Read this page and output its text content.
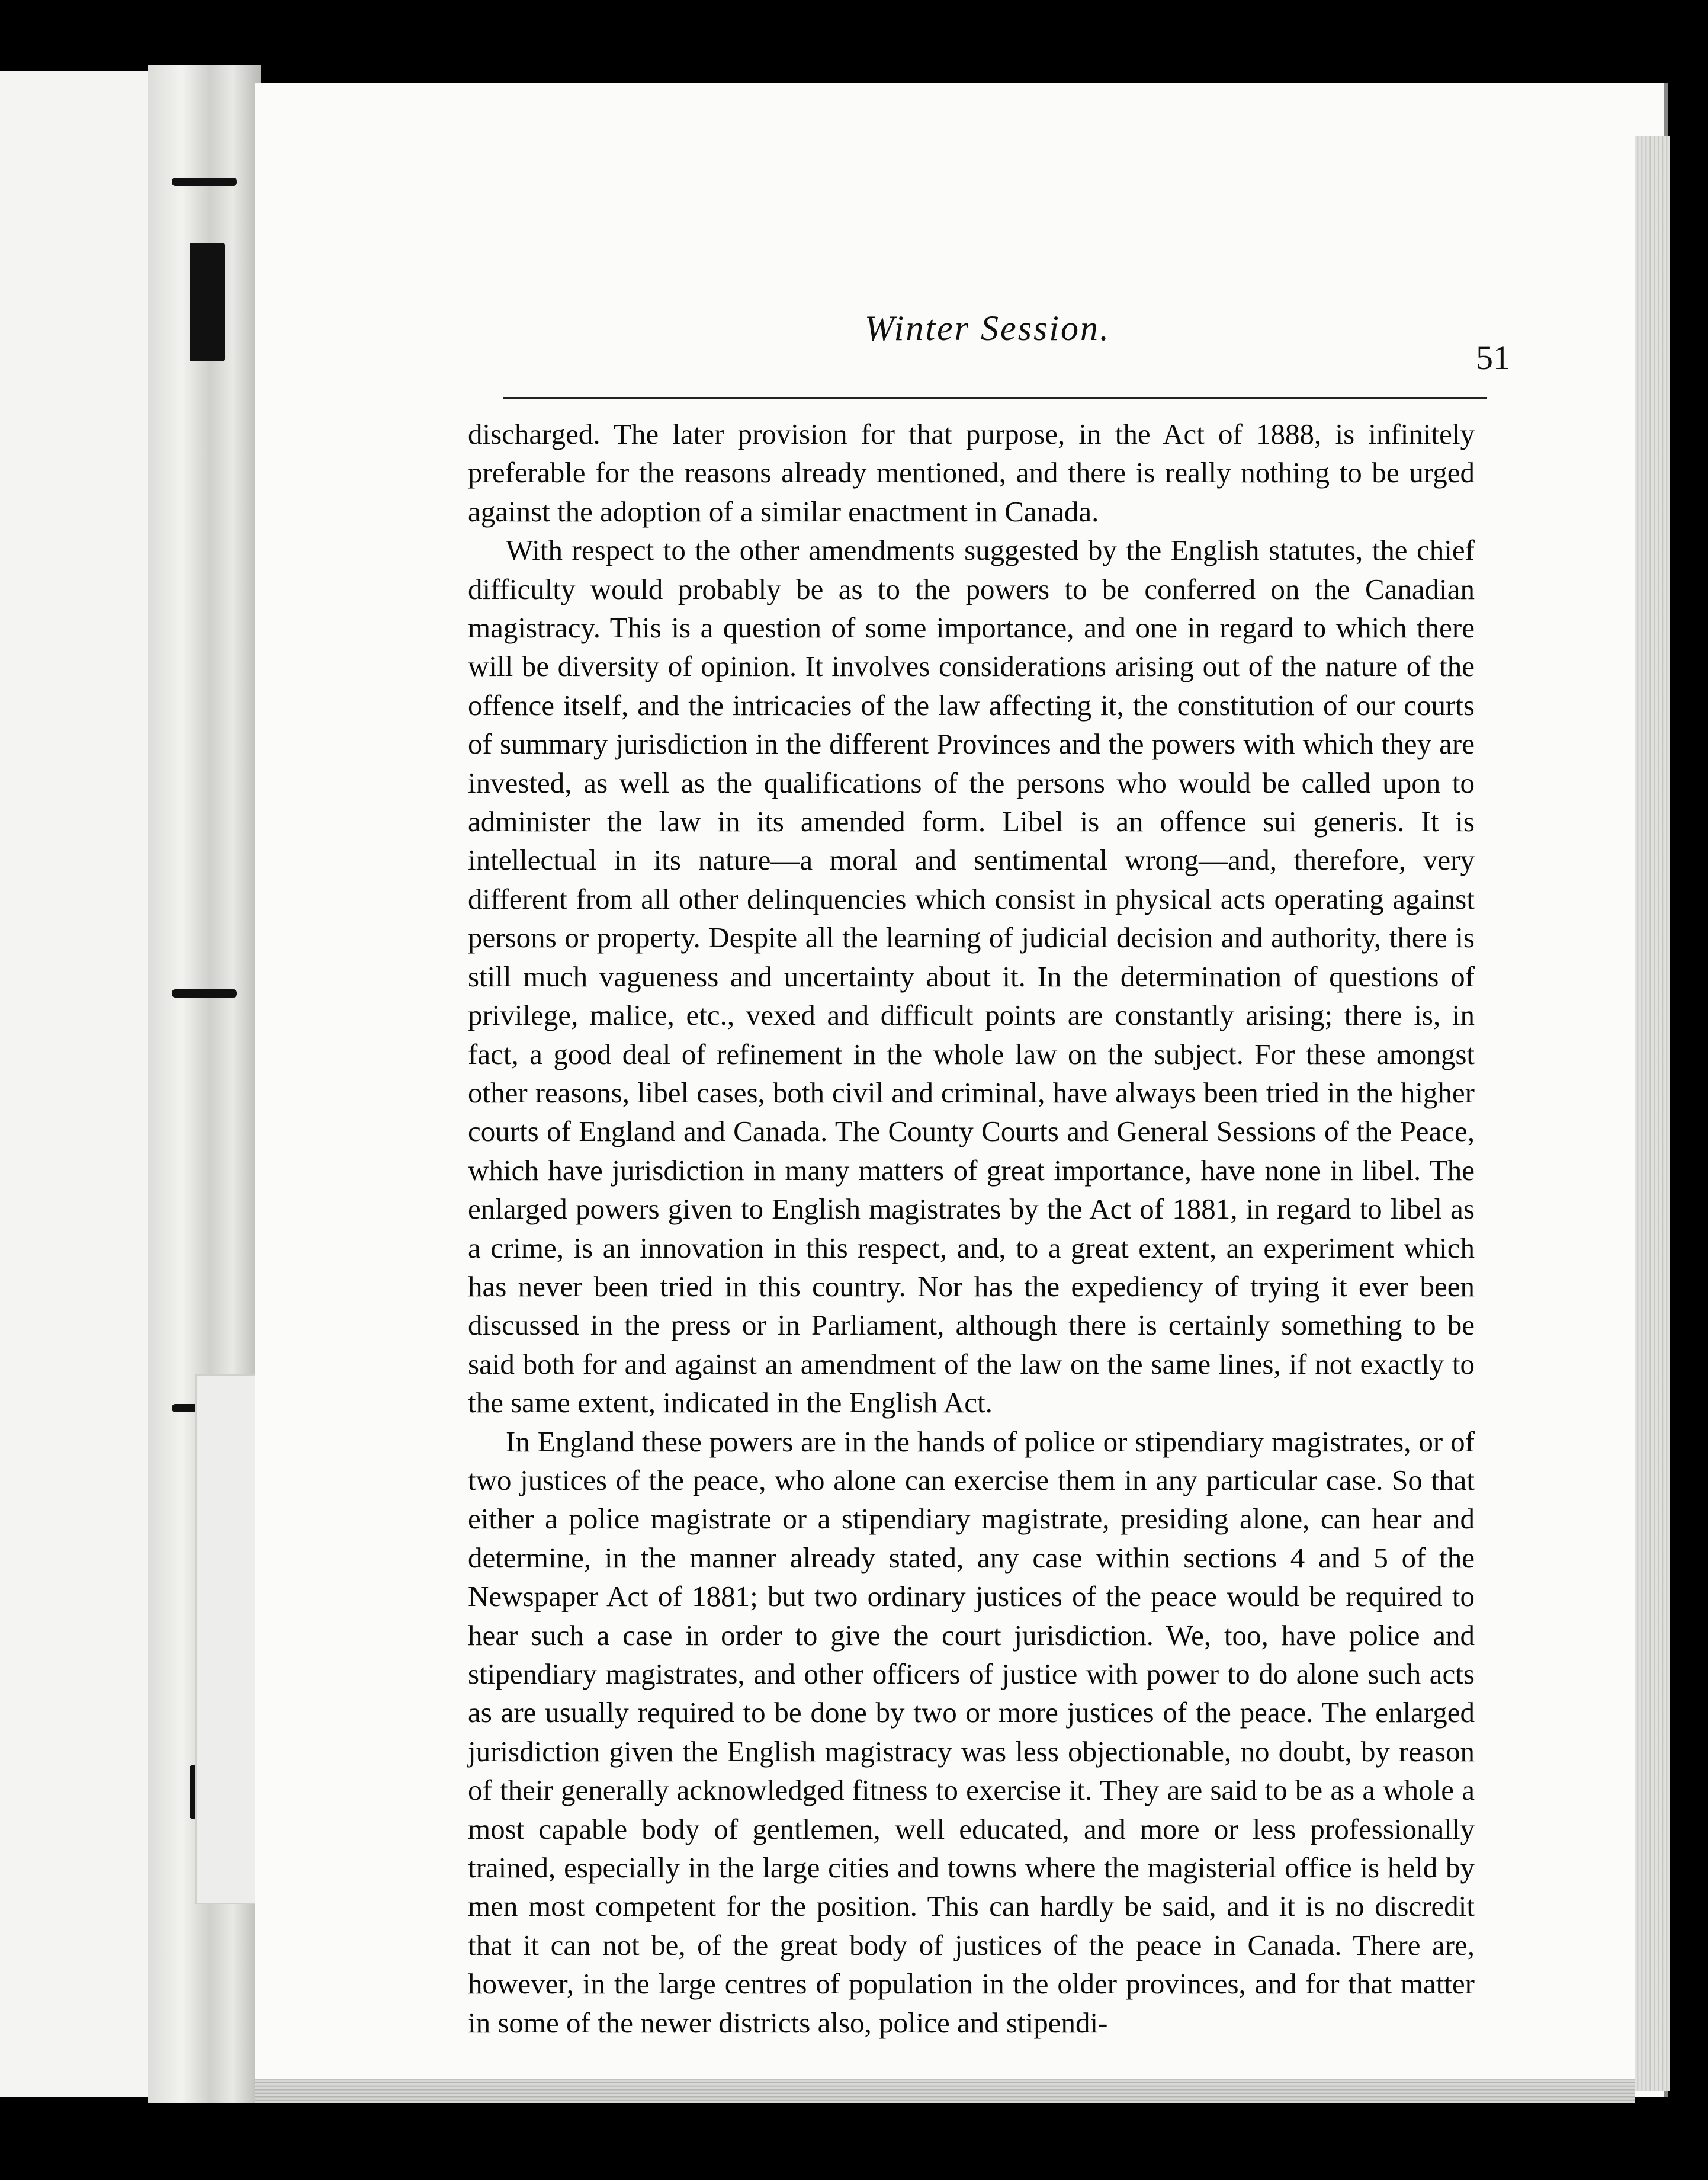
Winter Session.
51

discharged. The later provision for that purpose, in the Act of 1888, is infinitely preferable for the reasons already mentioned, and there is really nothing to be urged against the adoption of a similar enactment in Canada.

With respect to the other amendments suggested by the English statutes, the chief difficulty would probably be as to the powers to be conferred on the Canadian magistracy. This is a question of some importance, and one in regard to which there will be diversity of opinion. It involves considerations arising out of the nature of the offence itself, and the intricacies of the law affecting it, the constitution of our courts of summary jurisdiction in the different Provinces and the powers with which they are invested, as well as the qualifications of the persons who would be called upon to administer the law in its amended form. Libel is an offence sui generis. It is intellectual in its nature—a moral and sentimental wrong—and, therefore, very different from all other delinquencies which consist in physical acts operating against persons or property. Despite all the learning of judicial decision and authority, there is still much vagueness and uncertainty about it. In the determination of questions of privilege, malice, etc., vexed and difficult points are constantly arising; there is, in fact, a good deal of refinement in the whole law on the subject. For these amongst other reasons, libel cases, both civil and criminal, have always been tried in the higher courts of England and Canada. The County Courts and General Sessions of the Peace, which have jurisdiction in many matters of great importance, have none in libel. The enlarged powers given to English magistrates by the Act of 1881, in regard to libel as a crime, is an innovation in this respect, and, to a great extent, an experiment which has never been tried in this country. Nor has the expediency of trying it ever been discussed in the press or in Parliament, although there is certainly something to be said both for and against an amendment of the law on the same lines, if not exactly to the same extent, indicated in the English Act.

In England these powers are in the hands of police or stipendiary magistrates, or of two justices of the peace, who alone can exercise them in any particular case. So that either a police magistrate or a stipendiary magistrate, presiding alone, can hear and determine, in the manner already stated, any case within sections 4 and 5 of the Newspaper Act of 1881; but two ordinary justices of the peace would be required to hear such a case in order to give the court jurisdiction. We, too, have police and stipendiary magistrates, and other officers of justice with power to do alone such acts as are usually required to be done by two or more justices of the peace. The enlarged jurisdiction given the English magistracy was less objectionable, no doubt, by reason of their generally acknowledged fitness to exercise it. They are said to be as a whole a most capable body of gentlemen, well educated, and more or less professionally trained, especially in the large cities and towns where the magisterial office is held by men most competent for the position. This can hardly be said, and it is no discredit that it can not be, of the great body of justices of the peace in Canada. There are, however, in the large centres of population in the older provinces, and for that matter in some of the newer districts also, police and stipendi-
